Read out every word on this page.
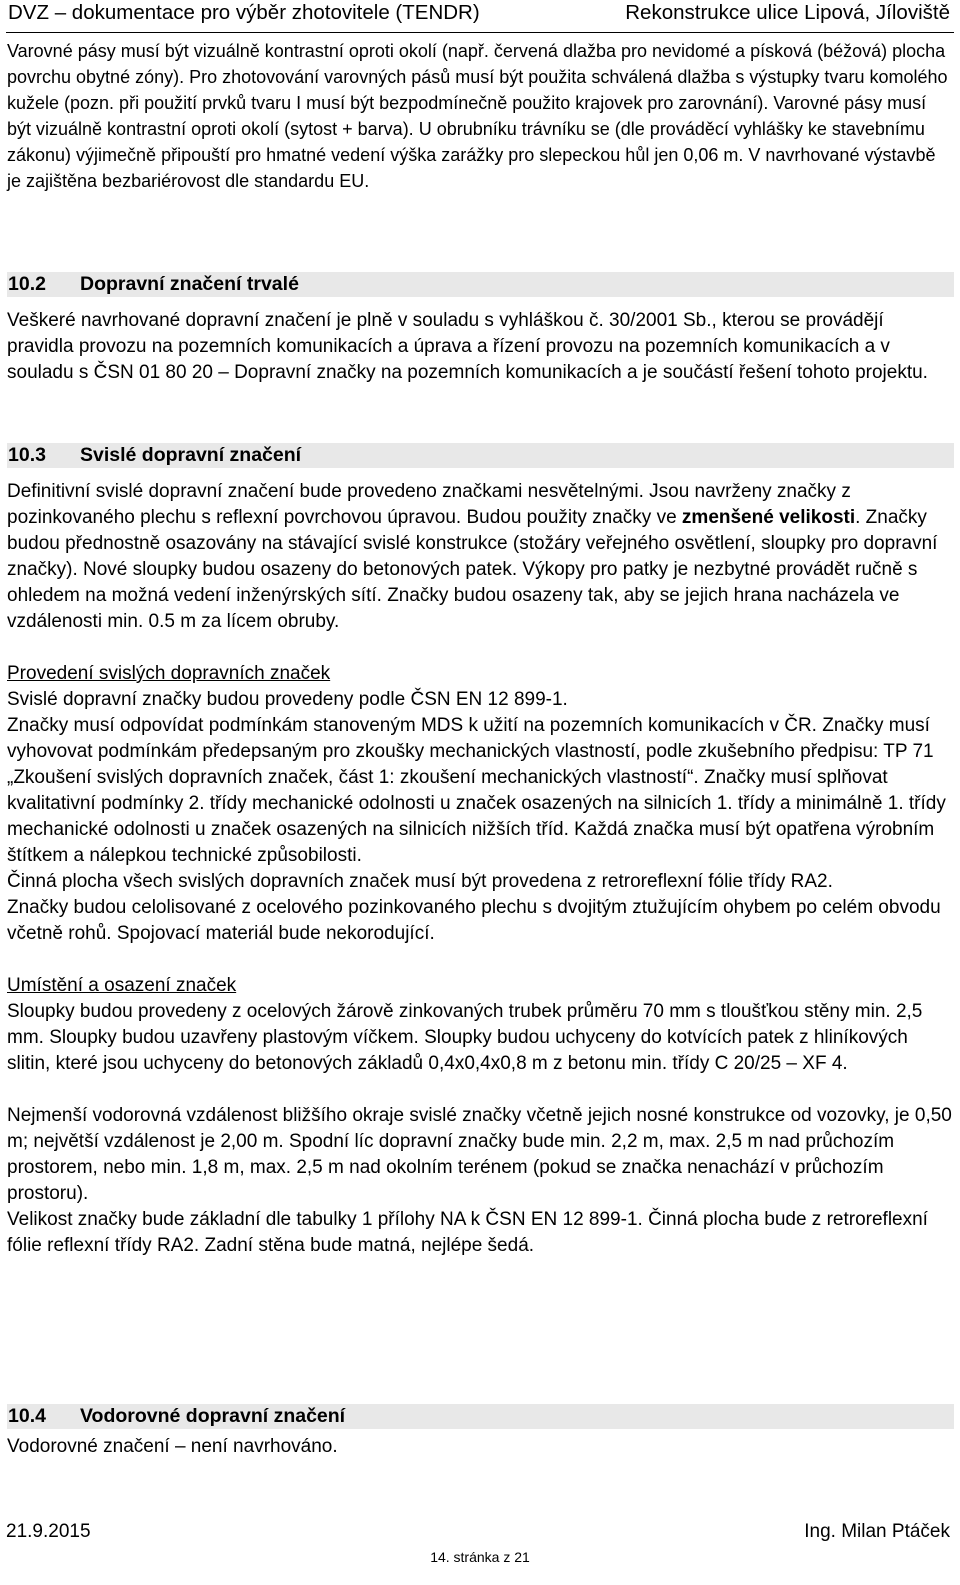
DVZ – dokumentace pro výběr zhotovitele (TENDR)	Rekonstrukce ulice Lipová, Jíloviště

Varovné pásy musí být vizuálně kontrastní oproti okolí (např. červená dlažba pro nevidomé a písková (béžová) plocha povrchu obytné zóny). Pro zhotovování varovných pásů musí být použita schválená dlažba s výstupky tvaru komolého kužele (pozn. při použití prvků tvaru I musí být bezpodmínečně použito krajovek pro zarovnání). Varovné pásy musí být vizuálně kontrastní oproti okolí (sytost + barva). U obrubníku trávníku se (dle prováděcí vyhlášky ke stavebnímu zákonu) výjimečně připouští pro hmatné vedení výška zarážky pro slepeckou hůl jen 0,06 m. V navrhované výstavbě je zajištěna bezbariérovost dle standardu EU.

10.2 Dopravní značení trvalé

Veškeré navrhované dopravní značení je plně v souladu s vyhláškou č. 30/2001 Sb., kterou se provádějí pravidla provozu na pozemních komunikacích a úprava a řízení provozu na pozemních komunikacích a v souladu s ČSN 01 80 20 – Dopravní značky na pozemních komunikacích a je součástí řešení tohoto projektu.

10.3 Svislé dopravní značení

Definitivní svislé dopravní značení bude provedeno značkami nesvětelnými. Jsou navrženy značky z pozinkovaného plechu s reflexní povrchovou úpravou. Budou použity značky ve zmenšené velikosti. Značky budou přednostně osazovány na stávající svislé konstrukce (stožáry veřejného osvětlení, sloupky pro dopravní značky). Nové sloupky budou osazeny do betonových patek. Výkopy pro patky je nezbytné provádět ručně s ohledem na možná vedení inženýrských sítí. Značky budou osazeny tak, aby se jejich hrana nacházela ve vzdálenosti min. 0.5 m za lícem obruby.

Provedení svislých dopravních značek

Svislé dopravní značky budou provedeny podle ČSN EN 12 899-1.

Značky musí odpovídat podmínkám stanoveným MDS k užití na pozemních komunikacích v ČR. Značky musí vyhovovat podmínkám předepsaným pro zkoušky mechanických vlastností, podle zkušebního předpisu: TP 71 „Zkoušení svislých dopravních značek, část 1: zkoušení mechanických vlastností“. Značky musí splňovat kvalitativní podmínky 2. třídy mechanické odolnosti u značek osazených na silnicích 1. třídy a minimálně 1. třídy mechanické odolnosti u značek osazených na silnicích nižších tříd. Každá značka musí být opatřena výrobním štítkem a nálepkou technické způsobilosti.

Činná plocha všech svislých dopravních značek musí být provedena z retroreflexní fólie třídy RA2.

Značky budou celolisované z ocelového pozinkovaného plechu s dvojitým ztužujícím ohybem po celém obvodu včetně rohů. Spojovací materiál bude nekorodující.

Umístění a osazení značek

Sloupky budou provedeny z ocelových žárově zinkovaných trubek průměru 70 mm s tloušťkou stěny min. 2,5 mm. Sloupky budou uzavřeny plastovým víčkem. Sloupky budou uchyceny do kotvících patek z hliníkových slitin, které jsou uchyceny do betonových základů 0,4x0,4x0,8 m z betonu min. třídy C 20/25 – XF 4.

Nejmenší vodorovná vzdálenost bližšího okraje svislé značky včetně jejich nosné konstrukce od vozovky, je 0,50 m; největší vzdálenost je 2,00 m. Spodní líc dopravní značky bude min. 2,2 m, max. 2,5 m nad průchozím prostorem, nebo min. 1,8 m, max. 2,5 m nad okolním terénem (pokud se značka nenachází v průchozím prostoru).

Velikost značky bude základní dle tabulky 1 přílohy NA k ČSN EN 12 899-1. Činná plocha bude z retroreflexní fólie reflexní třídy RA2. Zadní stěna bude matná, nejlépe šedá.

10.4 Vodorovné dopravní značení

Vodorovné značení – není navrhováno.

21.9.2015	Ing. Milan Ptáček
14. stránka z 21
